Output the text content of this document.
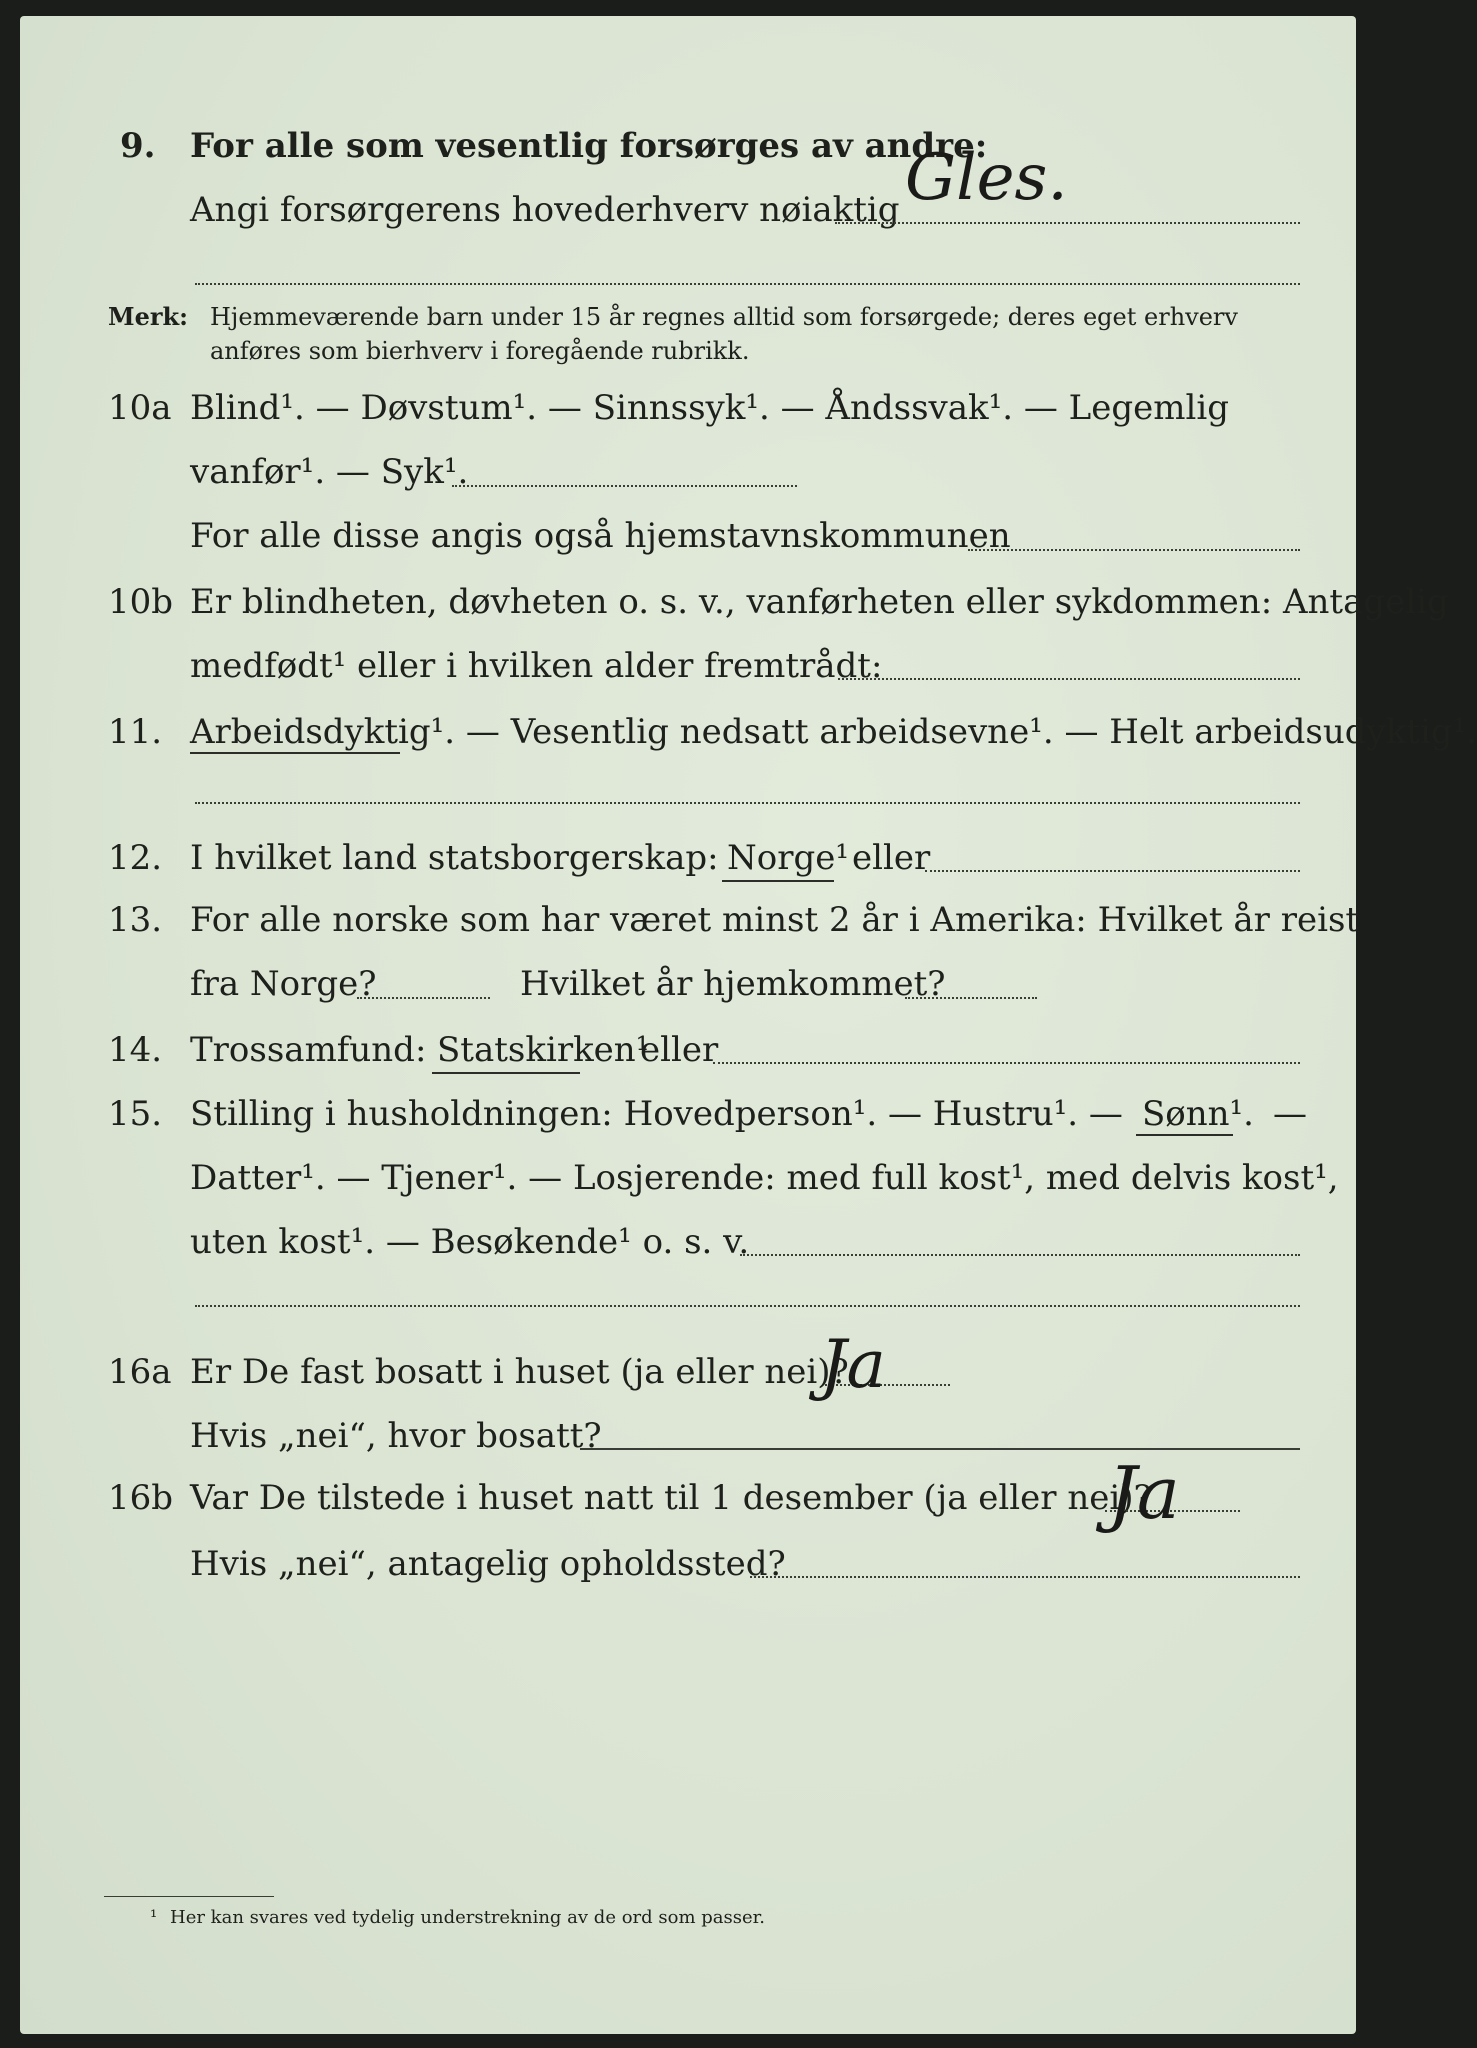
9. For alle som vesentlig forsørges av andre:
Angi forsørgerens hovederhverv nøiaktig Gles.
Merk: Hjemmeværende barn under 15 år regnes alltid som forsørgede; deres eget erhverv
anføres som bierhverv i foregående rubrikk.
10a Blind¹. — Døvstum¹. — Sinnssyk¹. — Åndssvak¹. — Legemlig
vanfør¹. — Syk¹.
For alle disse angis også hjemstavnskommunen
10b Er blindheten, døvheten o. s. v., vanførheten eller sykdommen: Antagelig
medfødt¹ eller i hvilken alder fremtrådt:
11. Arbeidsdyktig¹. — Vesentlig nedsatt arbeidsevne¹. — Helt arbeidsudyktig¹.
12. I hvilket land statsborgerskap: Norge¹ eller
13. For alle norske som har været minst 2 år i Amerika: Hvilket år reist
fra Norge?	Hvilket år hjemkommet?
14. Trossamfund: Statskirken¹
eller
15. Stilling i husholdningen: Hovedperson¹. — Hustru¹. — Sønn¹. —
Datter¹. — Tjener¹. — Losjerende: med full kost¹, med delvis kost¹,
uten kost¹. — Besøkende¹ o. s. v.
16a Er De fast bosatt i huset (ja eller nei)?
Ja
Hvis „nei“, hvor bosatt?
16b Var De tilstede i huset natt til 1 desember (ja eller nei)?
Ja
Hvis „nei“, antagelig opholdssted?
¹ Her kan svares ved tydelig understrekning av de ord som passer.
